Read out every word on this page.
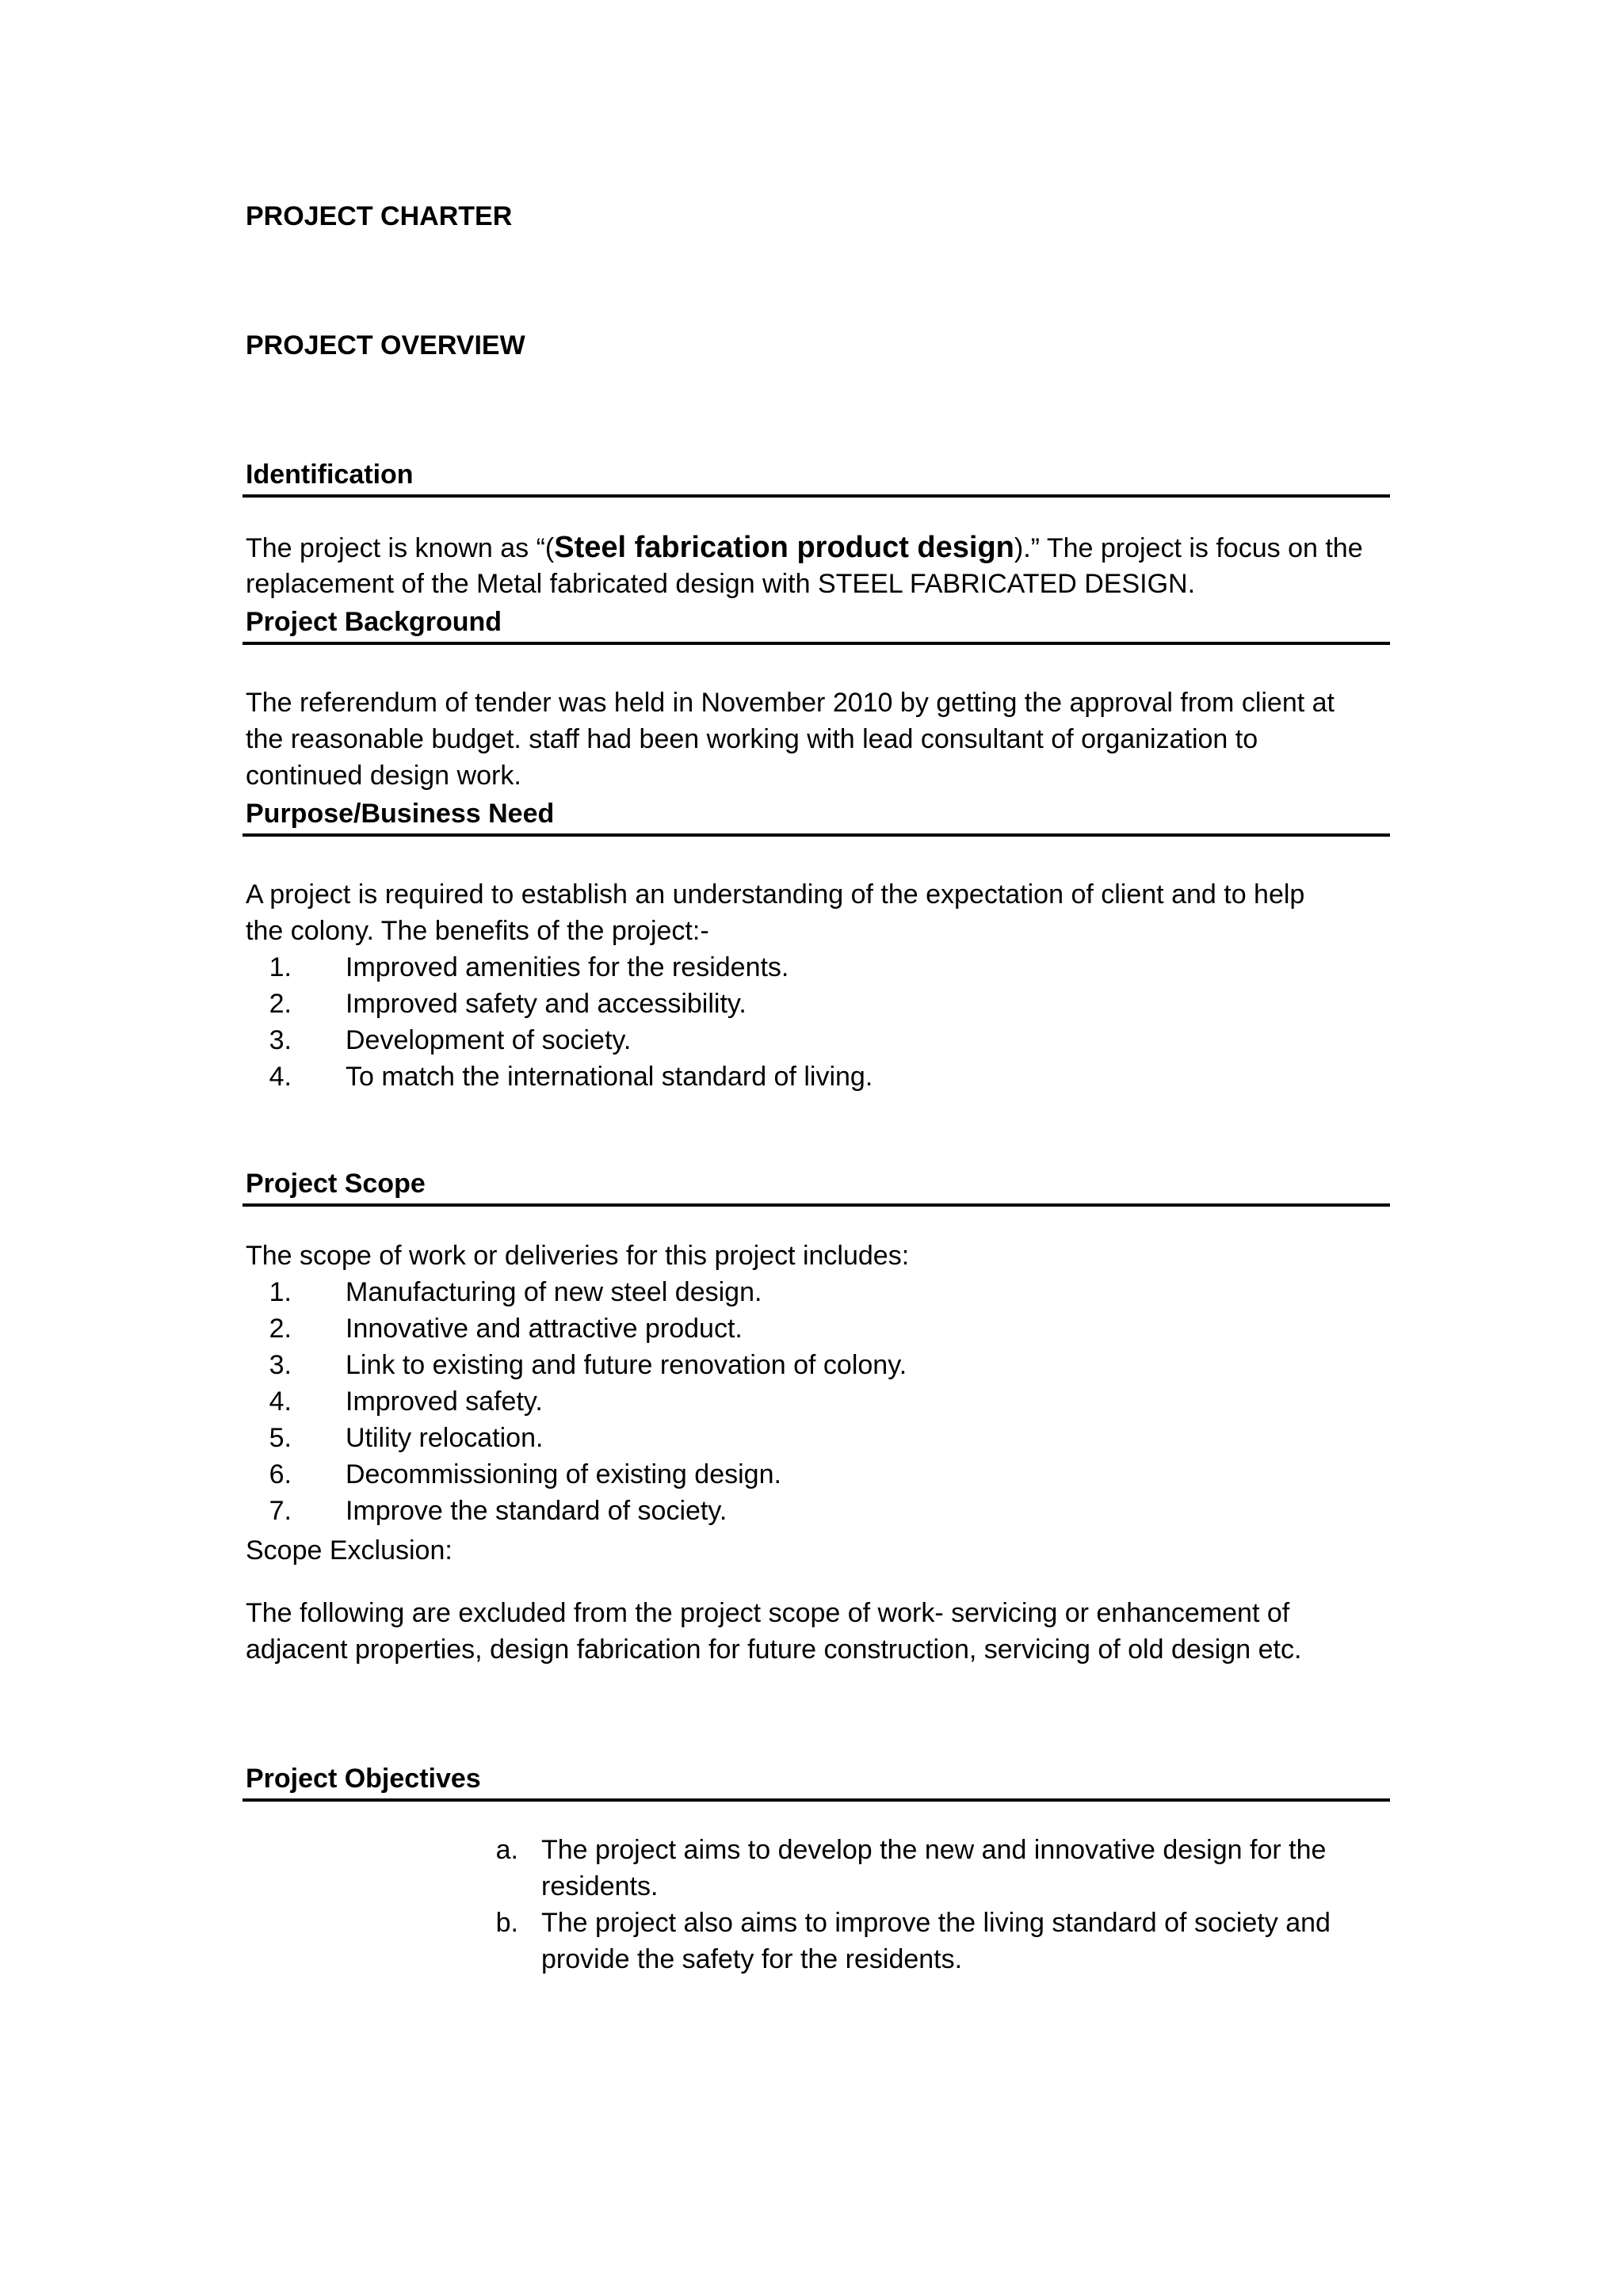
PROJECT CHARTER
PROJECT OVERVIEW
Identification
The project is known as “(Steel fabrication product design).” The project is focus on the
replacement of the Metal fabricated design with STEEL FABRICATED DESIGN.
Project Background
The referendum of tender was held in November 2010 by getting the approval from client at
the reasonable budget. staff had been working with lead consultant of organization to
continued design work.
Purpose/Business Need
A project is required to establish an understanding of the expectation of client and to help
the colony. The benefits of the project:-
1. Improved amenities for the residents.
2. Improved safety and accessibility.
3. Development of society.
4. To match the international standard of living.
Project Scope
The scope of work or deliveries for this project includes:
1. Manufacturing of new steel design.
2. Innovative and attractive product.
3. Link to existing and future renovation of colony.
4. Improved safety.
5. Utility relocation.
6. Decommissioning of existing design.
7. Improve the standard of society.
Scope Exclusion:
The following are excluded from the project scope of work- servicing or enhancement of
adjacent properties, design fabrication for future construction, servicing of old design etc.
Project Objectives
a. The project aims to develop the new and innovative design for the
residents.
b. The project also aims to improve the living standard of society and
provide the safety for the residents.
